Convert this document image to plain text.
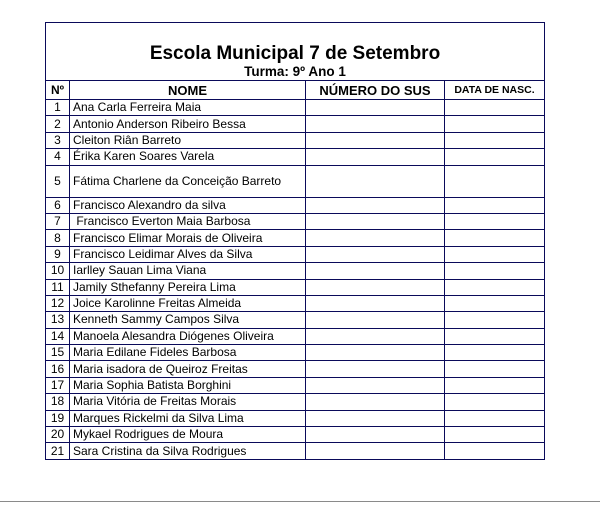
Escola Municipal 7 de Setembro			
Turma: 9º Ano 1			
Nº	NOME	NÚMERO DO SUS	DATA DE NASC.
1	Ana Carla Ferreira Maia		
2	Antonio Anderson Ribeiro Bessa		
3	Cleiton Riân Barreto		
4	Érika Karen Soares Varela		
5	Fátima Charlene da Conceição Barreto		
6	Francisco Alexandro da silva		
7	Francisco Everton Maia Barbosa		
8	Francisco Elimar Morais de Oliveira		
9	Francisco Leidimar Alves da Silva		
10	Iarlley Sauan Lima Viana		
11	Jamily Sthefanny Pereira Lima		
12	Joice Karolinne Freitas Almeida		
13	Kenneth Sammy Campos Silva		
14	Manoela Alesandra Diógenes Oliveira		
15	Maria Edilane Fideles Barbosa		
16	Maria isadora de Queiroz Freitas		
17	Maria Sophia Batista Borghini		
18	Maria Vitória de Freitas Morais		
19	Marques Rickelmi da Silva Lima		
20	Mykael Rodrigues de Moura		
21	Sara Cristina da Silva Rodrigues		
